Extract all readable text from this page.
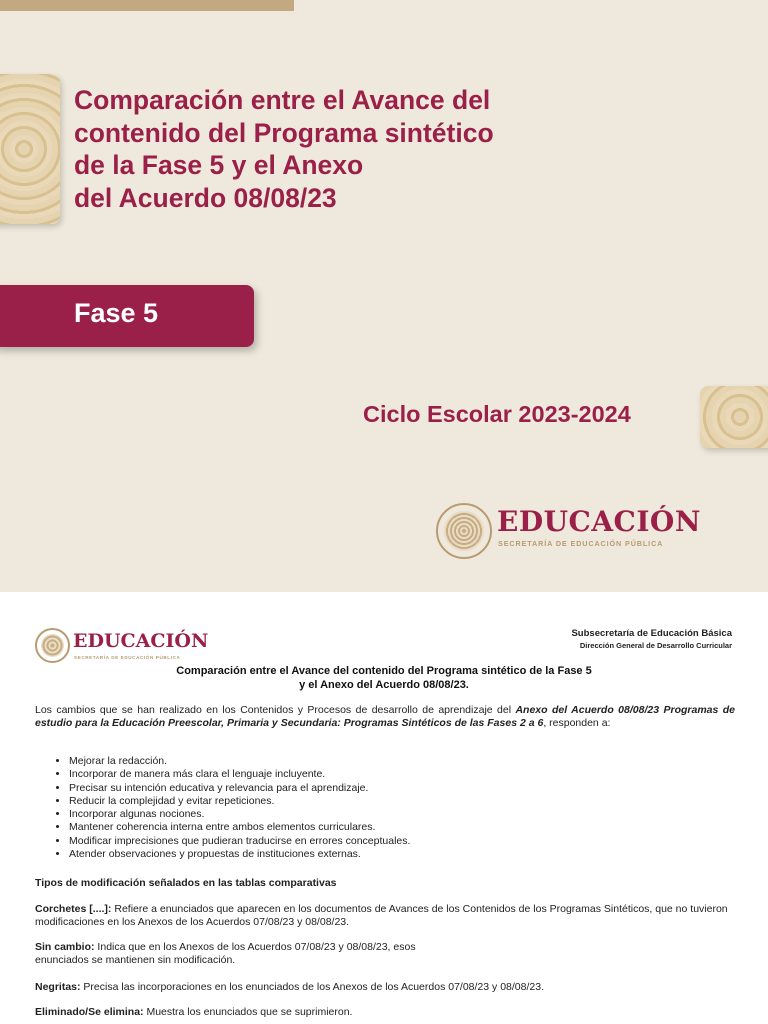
Comparación entre el Avance del
contenido del Programa sintético
de la Fase 5 y el Anexo
del Acuerdo 08/08/23
Fase 5
Ciclo Escolar 2023-2024
EDUCACIÓN
SECRETARÍA DE EDUCACIÓN PÚBLICA
EDUCACIÓN
SECRETARÍA DE EDUCACIÓN PÚBLICA
Subsecretaría de Educación Básica
Dirección General de Desarrollo Curricular

Comparación entre el Avance del contenido del Programa sintético de la Fase 5
y el Anexo del Acuerdo 08/08/23.

Los cambios que se han realizado en los Contenidos y Procesos de desarrollo de aprendizaje del Anexo del Acuerdo 08/08/23 Programas de estudio para la Educación Preescolar, Primaria y Secundaria: Programas Sintéticos de las Fases 2 a 6, responden a:

• Mejorar la redacción.
• Incorporar de manera más clara el lenguaje incluyente.
• Precisar su intención educativa y relevancia para el aprendizaje.
• Reducir la complejidad y evitar repeticiones.
• Incorporar algunas nociones.
• Mantener coherencia interna entre ambos elementos curriculares.
• Modificar imprecisiones que pudieran traducirse en errores conceptuales.
• Atender observaciones y propuestas de instituciones externas.

Tipos de modificación señalados en las tablas comparativas

Corchetes [....]: Refiere a enunciados que aparecen en los documentos de Avances de los Contenidos de los Programas Sintéticos, que no tuvieron modificaciones en los Anexos de los Acuerdos 07/08/23 y 08/08/23.

Sin cambio: Indica que en los Anexos de los Acuerdos 07/08/23 y 08/08/23, esos
enunciados se mantienen sin modificación.

Negritas: Precisa las incorporaciones en los enunciados de los Anexos de los Acuerdos 07/08/23 y 08/08/23.

Eliminado/Se elimina: Muestra los enunciados que se suprimieron.
